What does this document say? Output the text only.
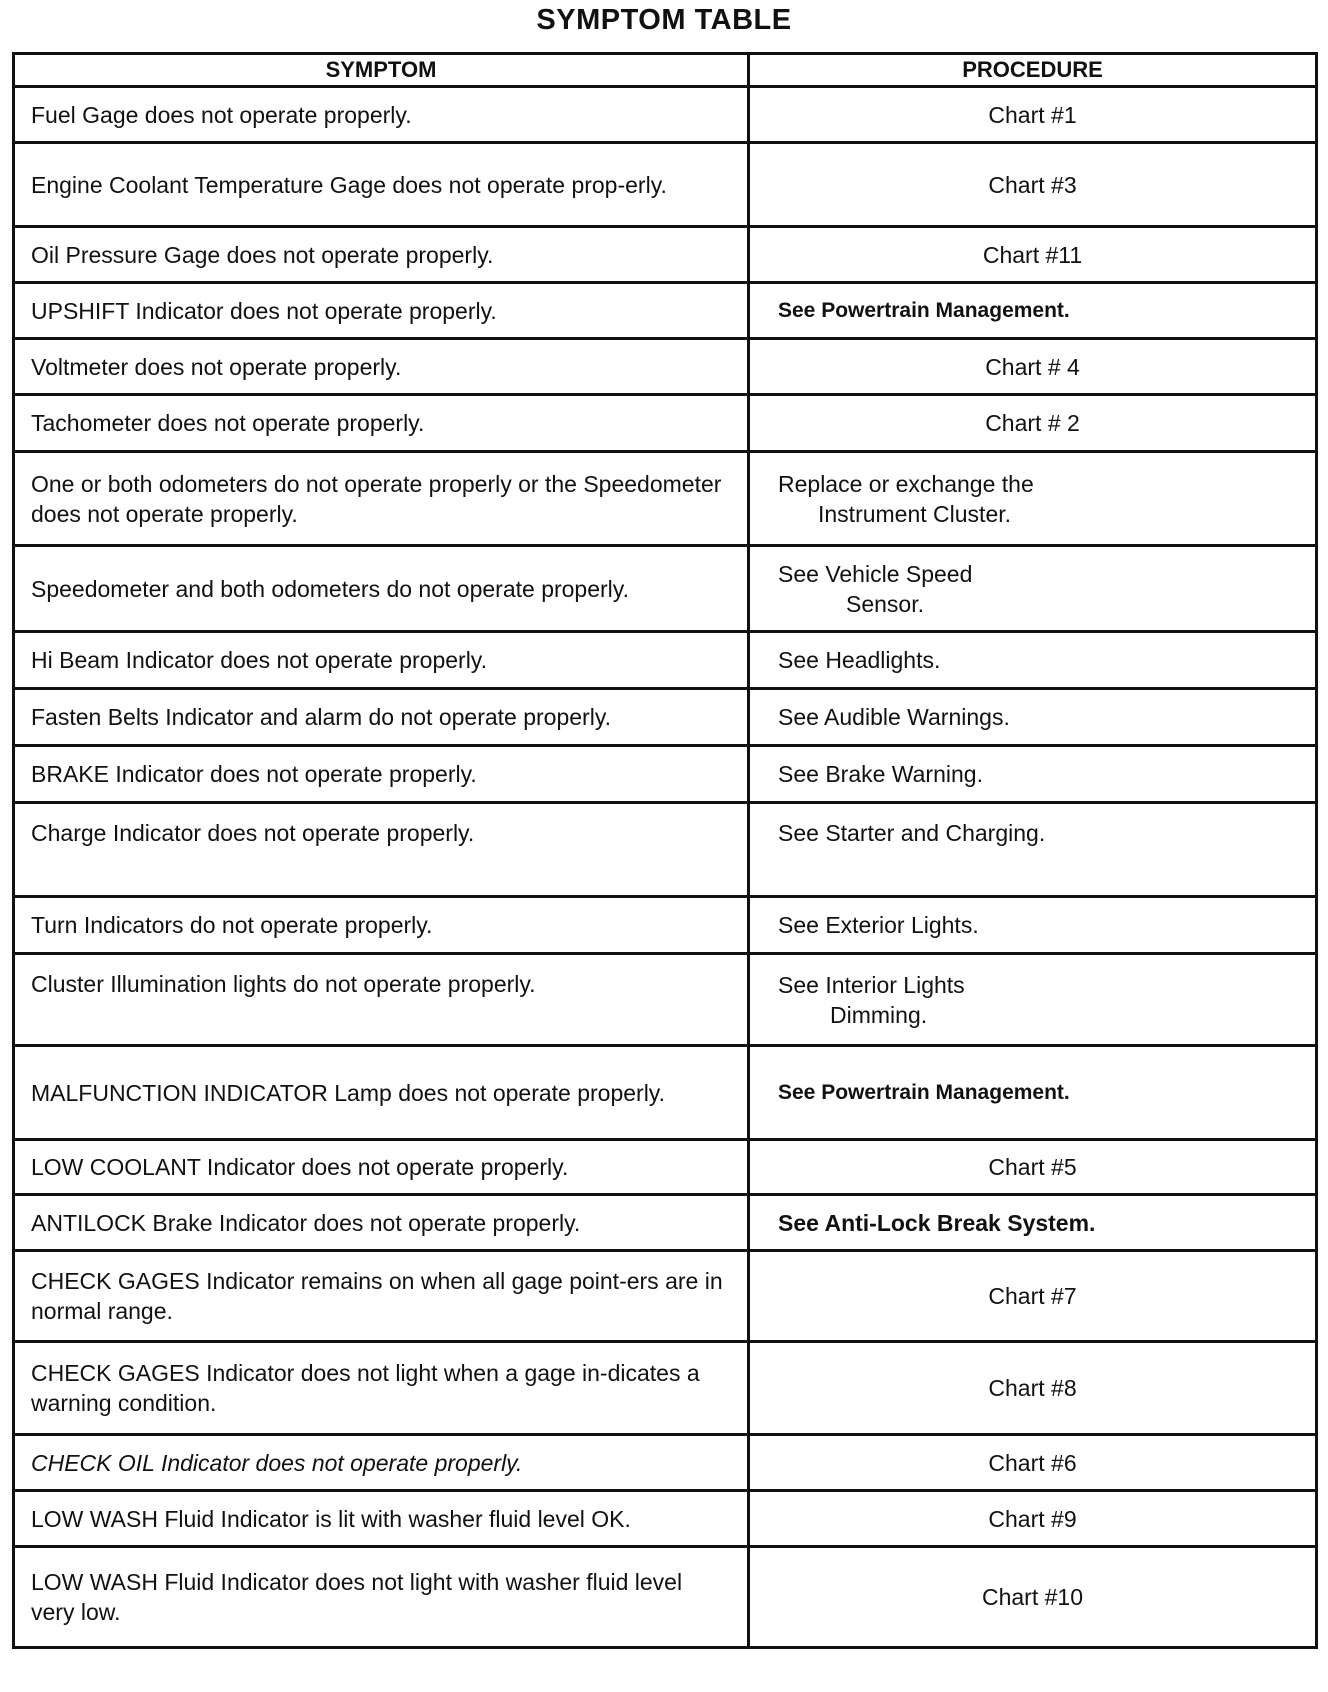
SYMPTOM TABLE
SYMPTOM	PROCEDURE
Fuel Gage does not operate properly.	Chart #1
Engine Coolant Temperature Gage does not operate prop-erly.	Chart #3
Oil Pressure Gage does not operate properly.	Chart #11
UPSHIFT Indicator does not operate properly.	See Powertrain Management.
Voltmeter does not operate properly.	Chart # 4
Tachometer does not operate properly.	Chart # 2
One or both odometers do not operate properly or the Speedometer does not operate properly.	Replace or exchange the
Instrument Cluster.

Speedometer and both odometers do not operate properly.	See Vehicle Speed
Sensor.

Hi Beam Indicator does not operate properly.	See Headlights.
Fasten Belts Indicator and alarm do not operate properly.	See Audible Warnings.
BRAKE Indicator does not operate properly.	See Brake Warning.
Charge Indicator does not operate properly.	See Starter and Charging.
Turn Indicators do not operate properly.	See Exterior Lights.
Cluster Illumination lights do not operate properly.	See Interior Lights
Dimming.

MALFUNCTION INDICATOR Lamp does not operate properly.	See Powertrain Management.
LOW COOLANT Indicator does not operate properly.	Chart #5
ANTILOCK Brake Indicator does not operate properly.	See Anti-Lock Break System.
CHECK GAGES Indicator remains on when all gage point-ers are in normal range.	Chart #7
CHECK GAGES Indicator does not light when a gage in-dicates a warning condition.	Chart #8
CHECK OIL Indicator does not operate properly.	Chart #6
LOW WASH Fluid Indicator is lit with washer fluid level OK.	Chart #9
LOW WASH Fluid Indicator does not light with washer fluid level very low.	Chart #10
